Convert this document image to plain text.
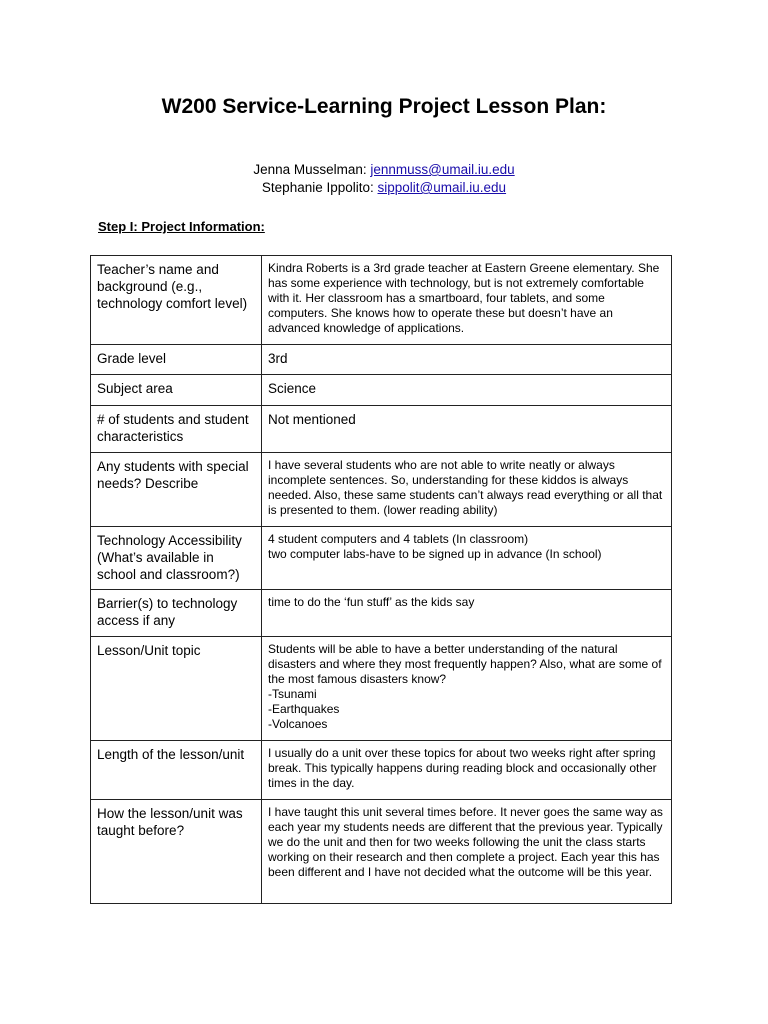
W200 Service-Learning Project Lesson Plan:
Jenna Musselman: jennmuss@umail.iu.edu
Stephanie Ippolito: sippolit@umail.iu.edu
Step I: Project Information:
Teacher’s name and background (e.g., technology comfort level)	Kindra Roberts is a 3rd grade teacher at Eastern Greene elementary. She has some experience with technology, but is not extremely comfortable with it. Her classroom has a smartboard, four tablets, and some computers. She knows how to operate these but doesn’t have an advanced knowledge of applications.
Grade level	3rd
Subject area	Science
# of students and student characteristics	Not mentioned
Any students with special needs? Describe	I have several students who are not able to write neatly or always incomplete sentences. So, understanding for these kiddos is always needed. Also, these same students can’t always read everything or all that is presented to them. (lower reading ability)
Technology Accessibility (What’s available in school and classroom?)	4 student computers and 4 tablets (In classroom)
two computer labs-have to be signed up in advance (In school)
Barrier(s) to technology access if any	time to do the ‘fun stuff’ as the kids say
Lesson/Unit topic	Students will be able to have a better understanding of the natural disasters and where they most frequently happen? Also, what are some of the most famous disasters know?
-Tsunami
-Earthquakes
-Volcanoes
Length of the lesson/unit	I usually do a unit over these topics for about two weeks right after spring break. This typically happens during reading block and occasionally other times in the day.
How the lesson/unit was taught before?	I have taught this unit several times before. It never goes the same way as each year my students needs are different that the previous year. Typically we do the unit and then for two weeks following the unit the class starts working on their research and then complete a project. Each year this has been different and I have not decided what the outcome will be this year.
